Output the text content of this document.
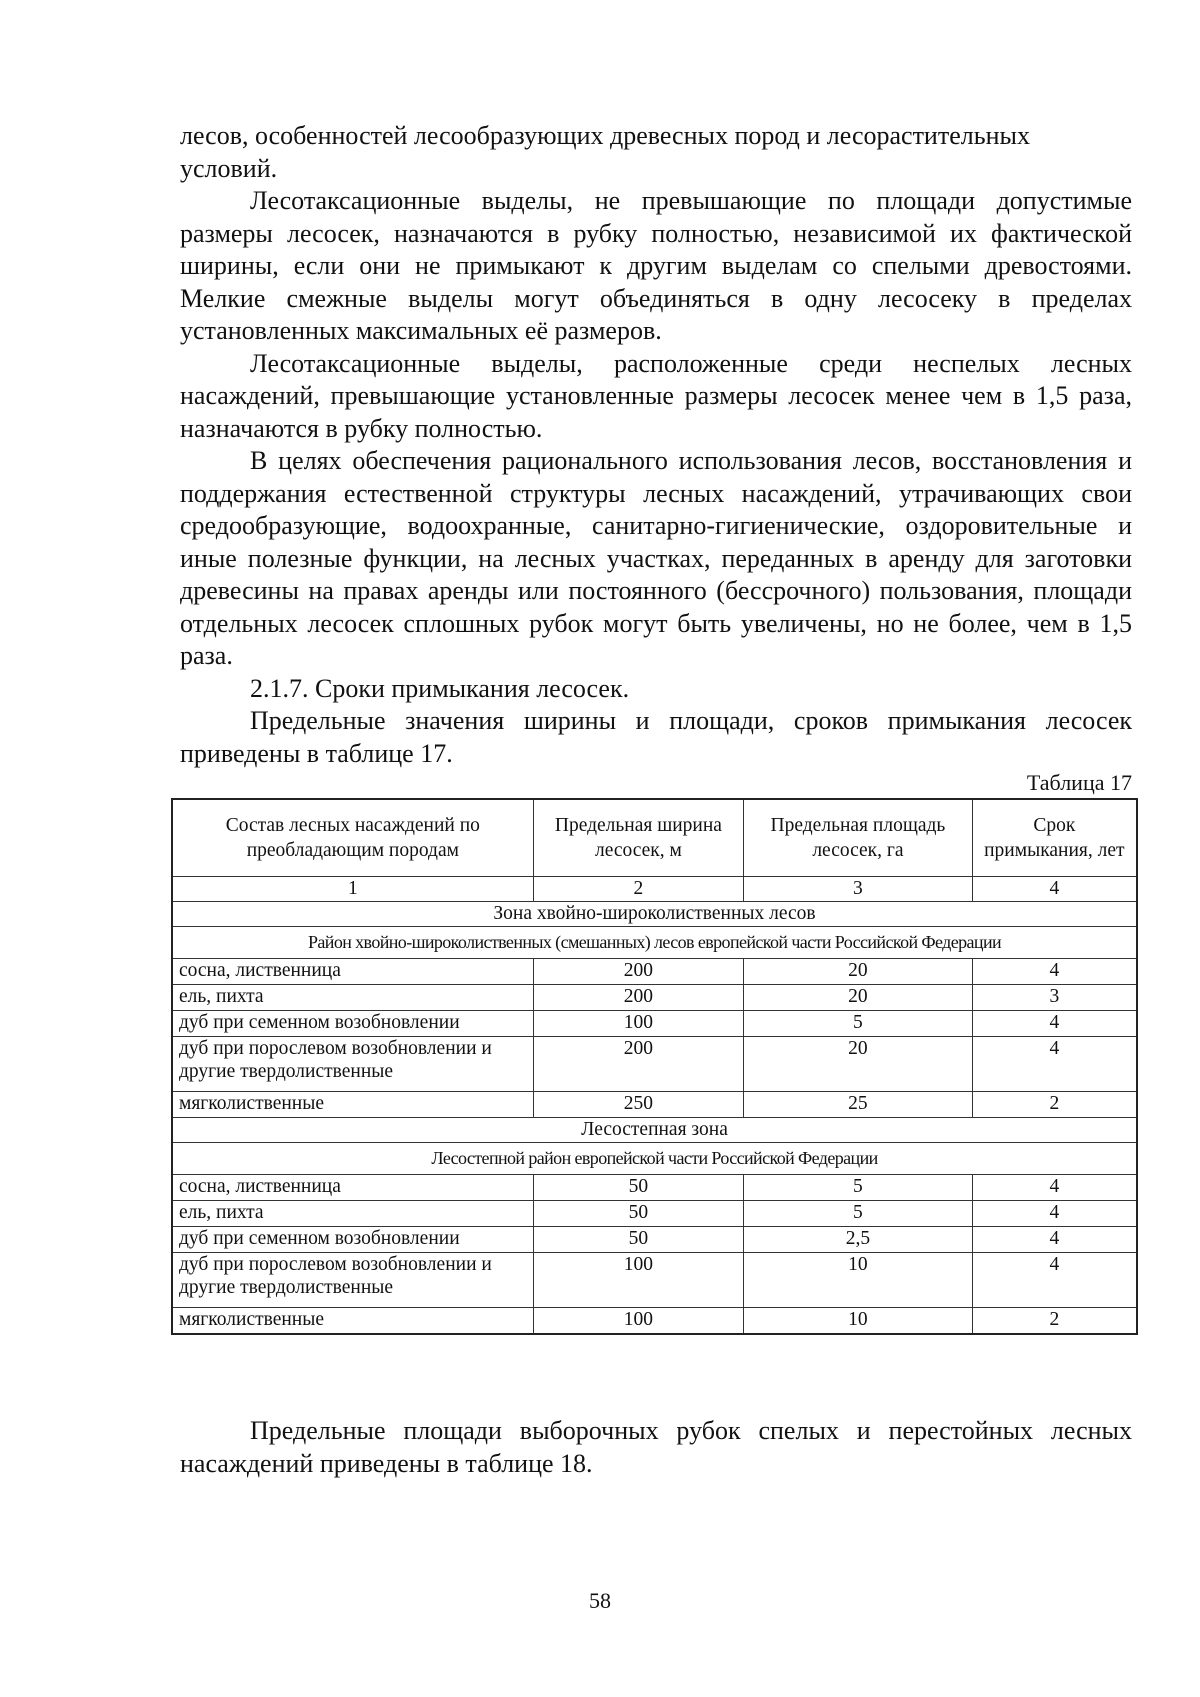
лесов, особенностей лесообразующих древесных пород и лесорастительных условий.

Лесотаксационные выделы, не превышающие по площади допустимые размеры лесосек, назначаются в рубку полностью, независимой их фактической ширины, если они не примыкают к другим выделам со спелыми древостоями. Мелкие смежные выделы могут объединяться в одну лесосеку в пределах установленных максимальных её размеров.

Лесотаксационные выделы, расположенные среди неспелых лесных насаждений, превышающие установленные размеры лесосек менее чем в 1,5 раза, назначаются в рубку полностью.

В целях обеспечения рационального использования лесов, восстановления и поддержания естественной структуры лесных насаждений, утрачивающих свои средообразующие, водоохранные, санитарно-гигиенические, оздоровительные и иные полезные функции, на лесных участках, переданных в аренду для заготовки древесины на правах аренды или постоянного (бессрочного) пользования, площади отдельных лесосек сплошных рубок могут быть увеличены, но не более, чем в 1,5 раза.

2.1.7. Сроки примыкания лесосек.

Предельные значения ширины и площади, сроков примыкания лесосек приведены в таблице 17.

Таблица 17
Состав лесных насаждений по преобладающим породам	Предельная ширина лесосек, м	Предельная площадь лесосек, га	Срок примыкания, лет
1	2	3	4
Зона хвойно-широколиственных лесов			
Район хвойно-широколиственных (смешанных) лесов европейской части Российской Федерации			
сосна, лиственница	200	20	4
ель, пихта	200	20	3
дуб при семенном возобновлении	100	5	4
дуб при порослевом возобновлении и другие твердолиственные	200	20	4
мягколиственные	250	25	2
Лесостепная зона			
Лесостепной район европейской части Российской Федерации			
сосна, лиственница	50	5	4
ель, пихта	50	5	4
дуб при семенном возобновлении	50	2,5	4
дуб при порослевом возобновлении и другие твердолиственные	100	10	4
мягколиственные	100	10	2

Предельные площади выборочных рубок спелых и перестойных лесных насаждений приведены в таблице 18.

58
